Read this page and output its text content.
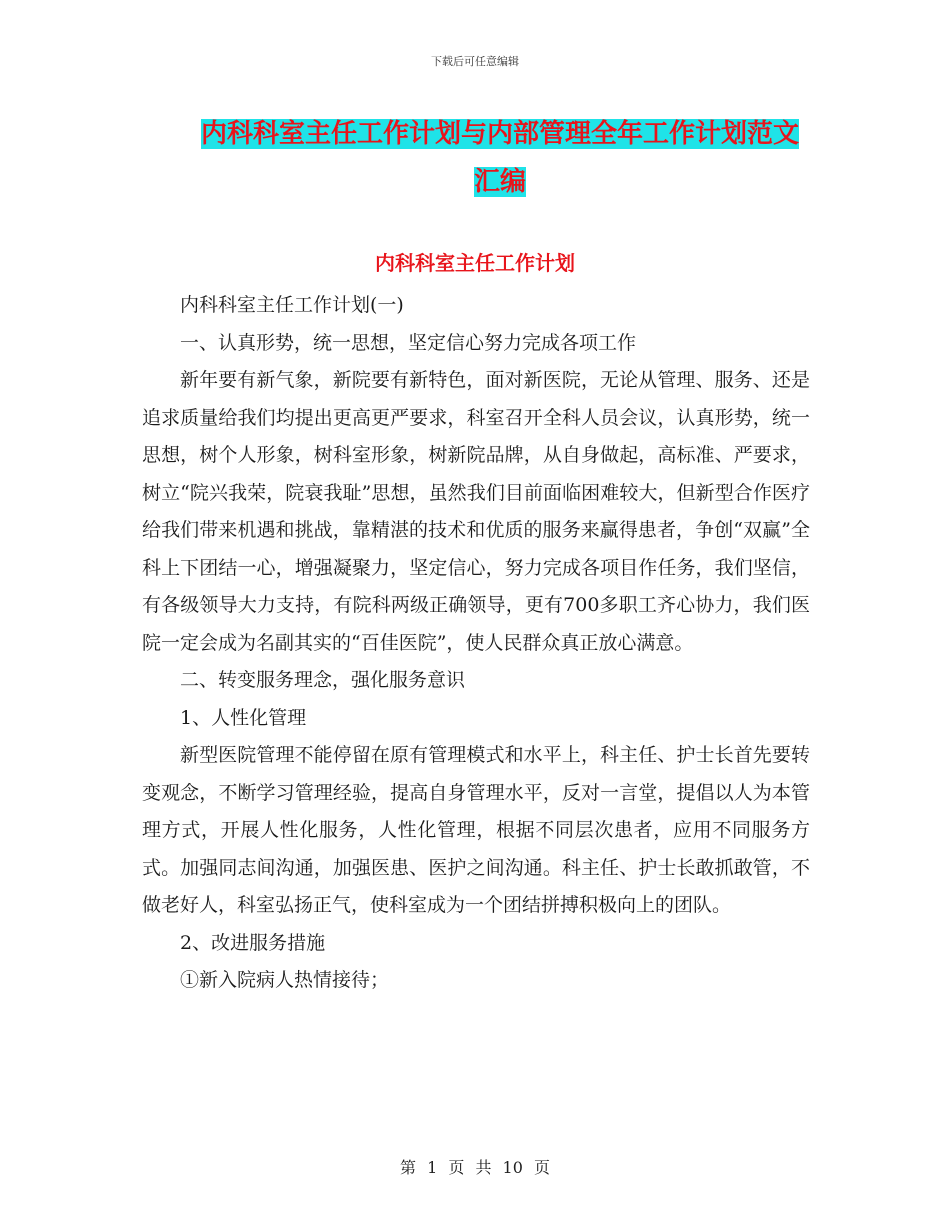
下载后可任意编辑
内科科室主任工作计划与内部管理全年工作计划范文
汇编
内科科室主任工作计划

内科科室主任工作计划(一)

一、认真形势，统一思想，坚定信心努力完成各项工作

新年要有新气象，新院要有新特色，面对新医院，无论从管理、服务、还是追求质量给我们均提出更高更严要求，科室召开全科人员会议，认真形势，统一思想，树个人形象，树科室形象，树新院品牌，从自身做起，高标准、严要求，树立“院兴我荣，院衰我耻”思想，虽然我们目前面临困难较大，但新型合作医疗给我们带来机遇和挑战，靠精湛的技术和优质的服务来赢得患者，争创“双赢”全科上下团结一心，增强凝聚力，坚定信心，努力完成各项目作任务，我们坚信，有各级领导大力支持，有院科两级正确领导，更有700多职工齐心协力，我们医院一定会成为名副其实的“百佳医院”，使人民群众真正放心满意。

二、转变服务理念，强化服务意识

1、人性化管理

新型医院管理不能停留在原有管理模式和水平上，科主任、护士长首先要转变观念，不断学习管理经验，提高自身管理水平，反对一言堂，提倡以人为本管理方式，开展人性化服务，人性化管理，根据不同层次患者，应用不同服务方式。加强同志间沟通，加强医患、医护之间沟通。科主任、护士长敢抓敢管，不做老好人，科室弘扬正气，使科室成为一个团结拼搏积极向上的团队。

2、改进服务措施

①新入院病人热情接待；

第 1 页 共 10 页
